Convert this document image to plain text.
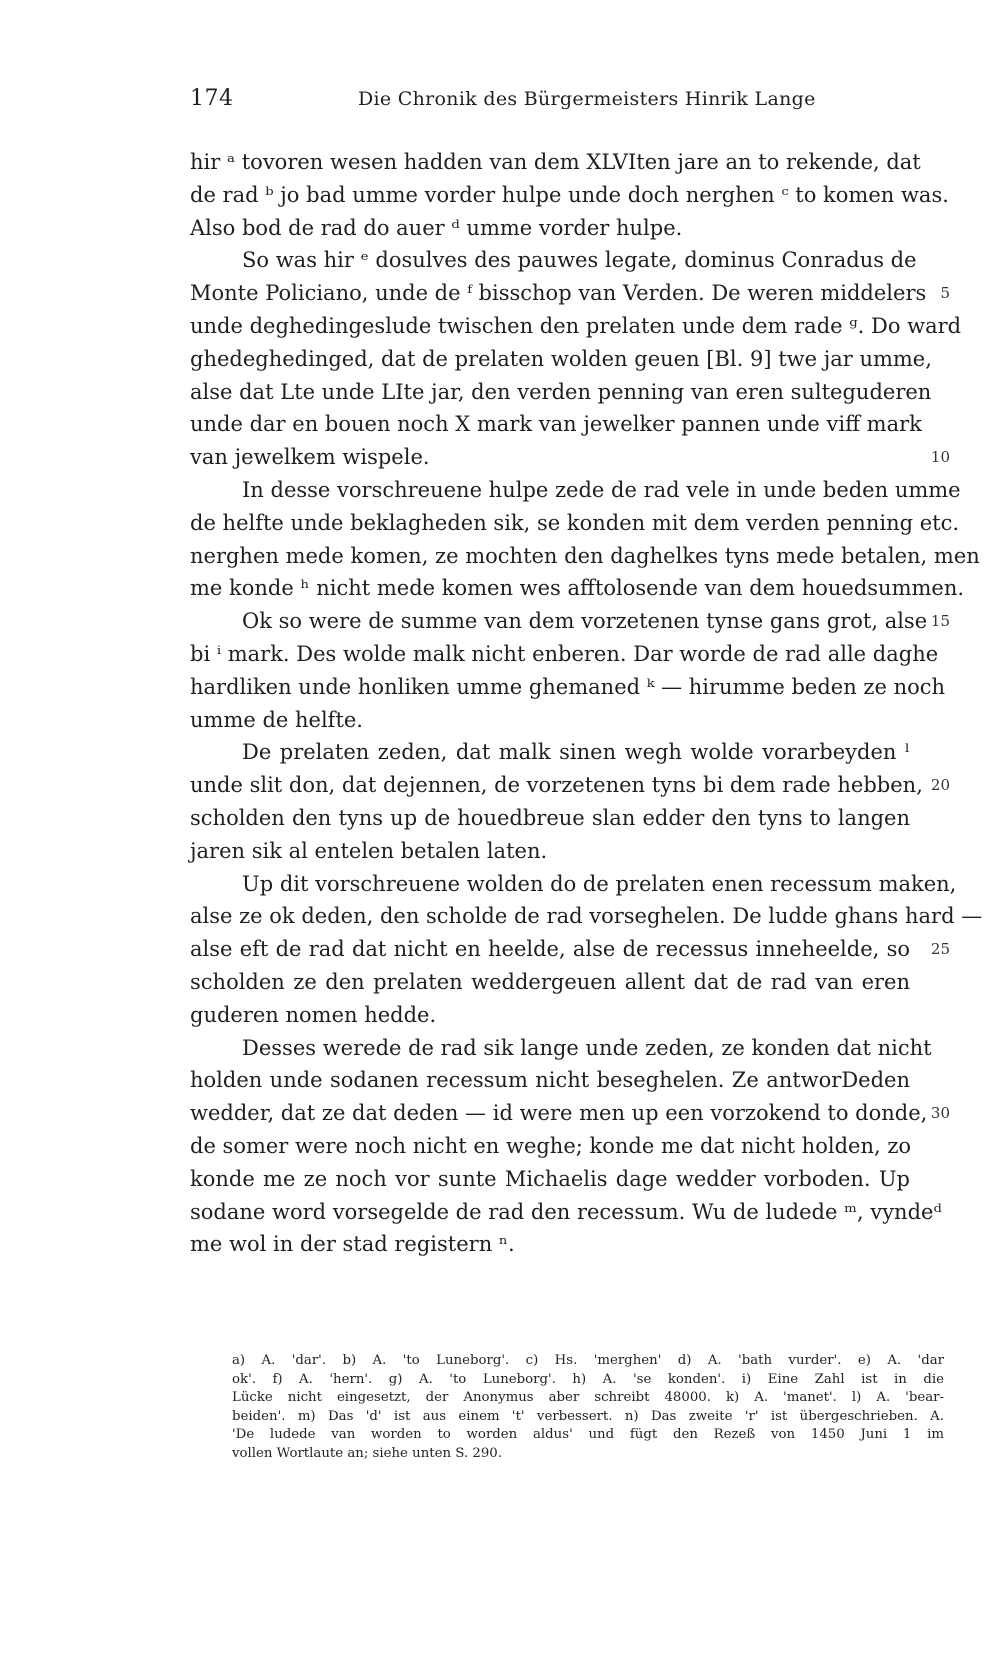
174	Die Chronik des Bürgermeisters Hinrik Lange
hir ᵃ tovoren wesen hadden van dem XLVIten jare an to rekende, dat
de rad ᵇ jo bad umme vorder hulpe unde doch nerghen ᶜ to komen was.
Also bod de rad do auer ᵈ umme vorder hulpe.
So was hir ᵉ dosulves des pauwes legate, dominus Conradus de
Monte Policiano, unde de ᶠ bisschop van Verden. De weren middelers 5
unde deghedingeslude twischen den prelaten unde dem rade ᵍ. Do ward
ghedeghedinged, dat de prelaten wolden geuen [Bl. 9] twe jar umme,
alse dat Lte unde LIte jar, den verden penning van eren sulteguderen
unde dar en bouen noch X mark van jewelker pannen unde viff mark
van jewelkem wispele.	10
In desse vorschreuene hulpe zede de rad vele in unde beden umme
de helfte unde beklagheden sik, se konden mit dem verden penning etc.
nerghen mede komen, ze mochten den daghelkes tyns mede betalen, men
me konde ʰ nicht mede komen wes afftolosende van dem houedsummen.
Ok so were de summe van dem vorzetenen tynse gans grot, alse 15
bi ⁱ mark. Des wolde malk nicht enberen. Dar worde de rad alle daghe
hardliken unde honliken umme ghemaned ᵏ — hirumme beden ze noch
umme de helfte.
De prelaten zeden, dat malk sinen wegh wolde vorarbeyden ˡ
unde slit don, dat dejennen, de vorzetenen tyns bi dem rade hebben, 20
scholden den tyns up de houedbreue slan edder den tyns to langen
jaren sik al entelen betalen laten.
Up dit vorschreuene wolden do de prelaten enen recessum maken,
alse ze ok deden, den scholde de rad vorseghelen. De ludde ghans hard —
alse eft de rad dat nicht en heelde, alse de recessus inneheelde, so	25
scholden ze den prelaten weddergeuen allent dat de rad van eren
guderen nomen hedde.
Desses werede de rad sik lange unde zeden, ze konden dat nicht
holden unde sodanen recessum nicht beseghelen. Ze antworDeden
wedder, dat ze dat deden — id were men up een vorzokend to donde, 30
de somer were noch nicht en weghe; konde me dat nicht holden, zo
konde me ze noch vor sunte Michaelis dage wedder vorboden. Up
sodane word vorsegelde de rad den recessum. Wu de ludede ᵐ, vyndeᵈ
me wol in der stad registern ⁿ.
a) A. 'dar'. b) A. 'to Luneborg'. c) Hs. 'merghen' d) A. 'bath vurder'. e) A. 'dar
ok'. f) A. 'hern'. g) A. 'to Luneborg'. h) A. 'se konden'. i) Eine Zahl ist in die
Lücke nicht eingesetzt, der Anonymus aber schreibt 48000. k) A. 'manet'. l) A. 'bear-
beiden'. m) Das 'd' ist aus einem 't' verbessert. n) Das zweite 'r' ist übergeschrieben. A.
'De ludede van worden to worden aldus' und fügt den Rezeß von 1450 Juni 1 im
vollen Wortlaute an; siehe unten S. 290.
